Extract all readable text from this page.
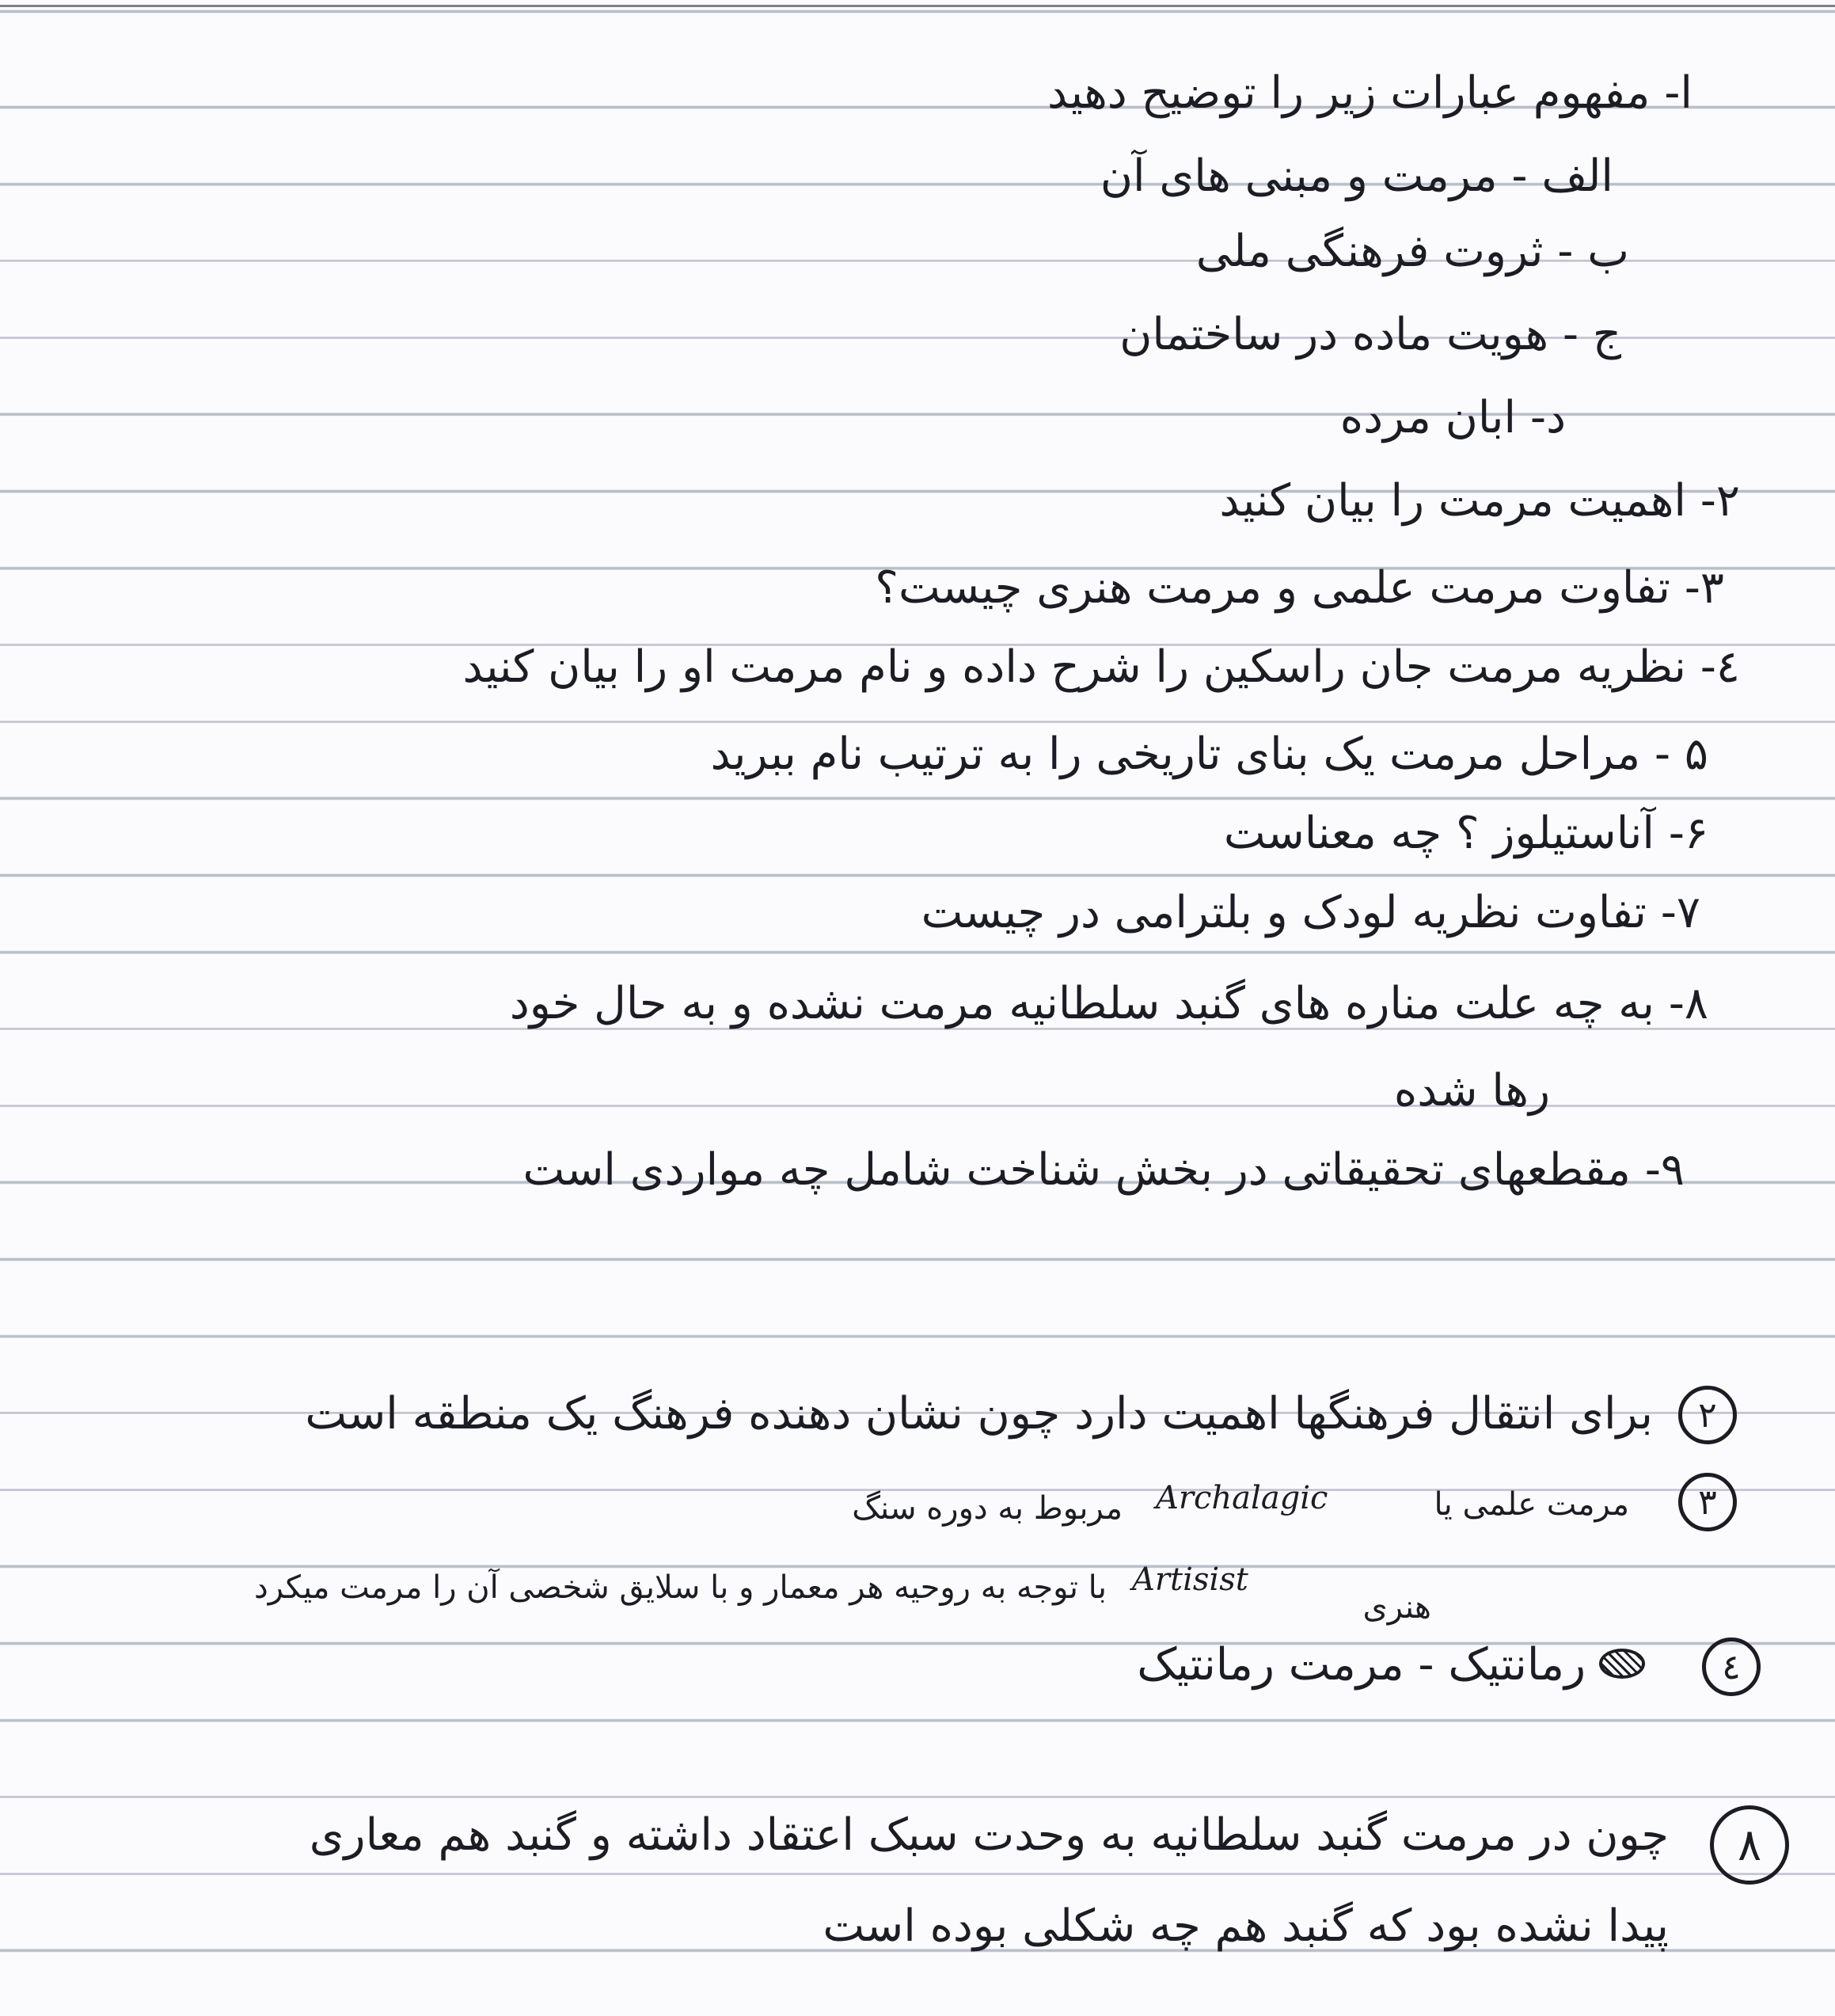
ا- مفهوم عبارات زیر را توضیح دهید
الف - مرمت و مبنی های آن
ب - ثروت فرهنگی ملی
ج - هویت ماده در ساختمان
د- ابان مرده
۲- اهمیت مرمت را بیان کنید
۳- تفاوت مرمت علمی و مرمت هنری چیست؟
٤- نظریه مرمت جان راسکین را شرح داده و نام مرمت او را بیان کنید
۵ - مراحل مرمت یک بنای تاریخی را به ترتیب نام ببرید
۶- آناستیلوز ؟ چه معناست
۷- تفاوت نظریه لودک و بلترامی در چیست
۸- به چه علت مناره های گنبد سلطانیه مرمت نشده و به حال خود
رها شده
۹- مقطعهای تحقیقاتی در بخش شناخت شامل چه مواردی است
۲
برای انتقال فرهنگها اهمیت دارد چون نشان دهنده فرهنگ یک منطقه است
۳
مرمت علمی یا
Archalagic
مربوط به دوره سنگ
Artisist
با توجه به روحیه هر معمار و با سلایق شخصی آن را مرمت میکرد
هنری
٤
رمانتیک - مرمت رمانتیک
۸
چون در مرمت گنبد سلطانیه به وحدت سبک اعتقاد داشته و گنبد هم معاری
پیدا نشده بود که گنبد هم چه شکلی بوده است
